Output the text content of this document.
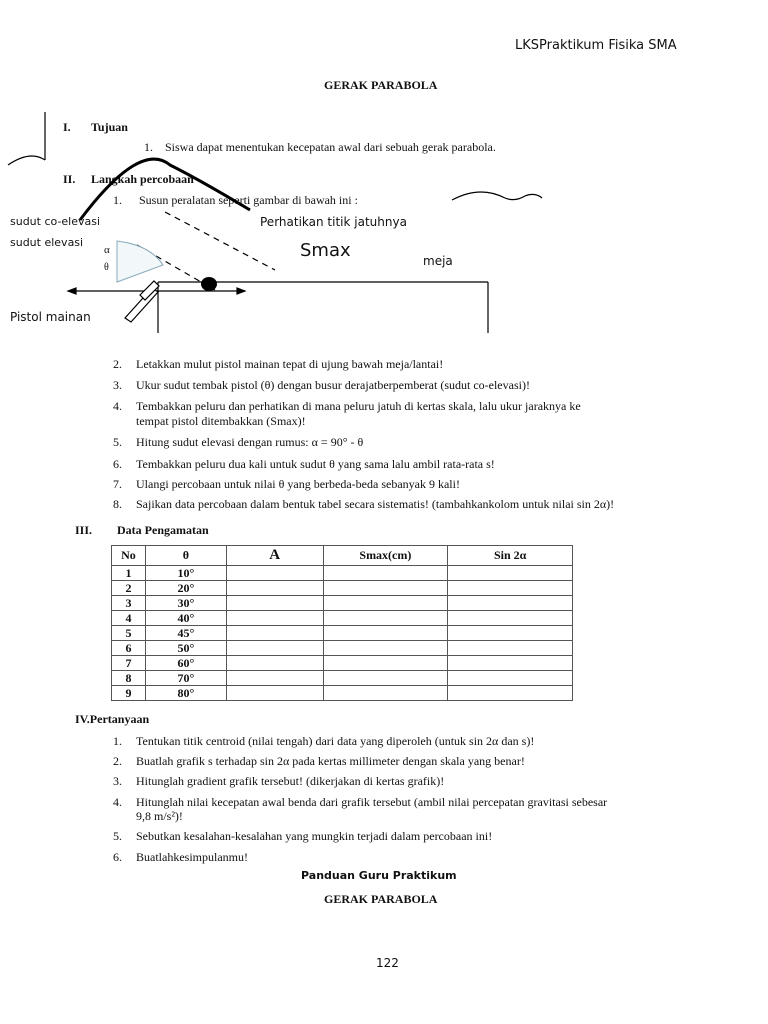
LKSPraktikum Fisika SMA
GERAK PARABOLA
I. Tujuan
1. Siswa dapat menentukan kecepatan awal dari sebuah gerak parabola.
II. Langkah percobaan
1. Susun peralatan seperti gambar di bawah ini :
Perhatikan titik jatuhnya
sudut elevasi
sudut co-elevasi
Pistol mainan
Smax	meja
α
θ
2. Letakkan mulut pistol mainan tepat di ujung bawah meja/lantai!
3. Ukur sudut tembak pistol (θ) dengan busur derajatberpemberat (sudut co-elevasi)!
4. Tembakkan peluru dan perhatikan di mana peluru jatuh di kertas skala, lalu ukur jaraknya ke
tempat pistol ditembakkan (Smax)!
5. Hitung sudut elevasi dengan rumus: α = 90° - θ
6. Tembakkan peluru dua kali untuk sudut θ yang sama lalu ambil rata-rata s!
7. Ulangi percobaan untuk nilai θ yang berbeda-beda sebanyak 9 kali!
8. Sajikan data percobaan dalam bentuk tabel secara sistematis! (tambahkankolom untuk nilai sin 2α)!
III. Data Pengamatan
No	θ	A	Smax(cm)	Sin 2α
1	10°			
2	20°			
3	30°			
4	40°			
5	45°			
6	50°			
7	60°			
8	70°			
9	80°			
IV.Pertanyaan
1. Tentukan titik centroid (nilai tengah) dari data yang diperoleh (untuk sin 2α dan s)!
2. Buatlah grafik s terhadap sin 2α pada kertas millimeter dengan skala yang benar!
3. Hitunglah gradient grafik tersebut! (dikerjakan di kertas grafik)!
4. Hitunglah nilai kecepatan awal benda dari grafik tersebut (ambil nilai percepatan gravitasi sebesar
9,8 m/s²)!
5. Sebutkan kesalahan-kesalahan yang mungkin terjadi dalam percobaan ini!
6. Buatlahkesimpulanmu!
Panduan Guru Praktikum
GERAK PARABOLA
122
